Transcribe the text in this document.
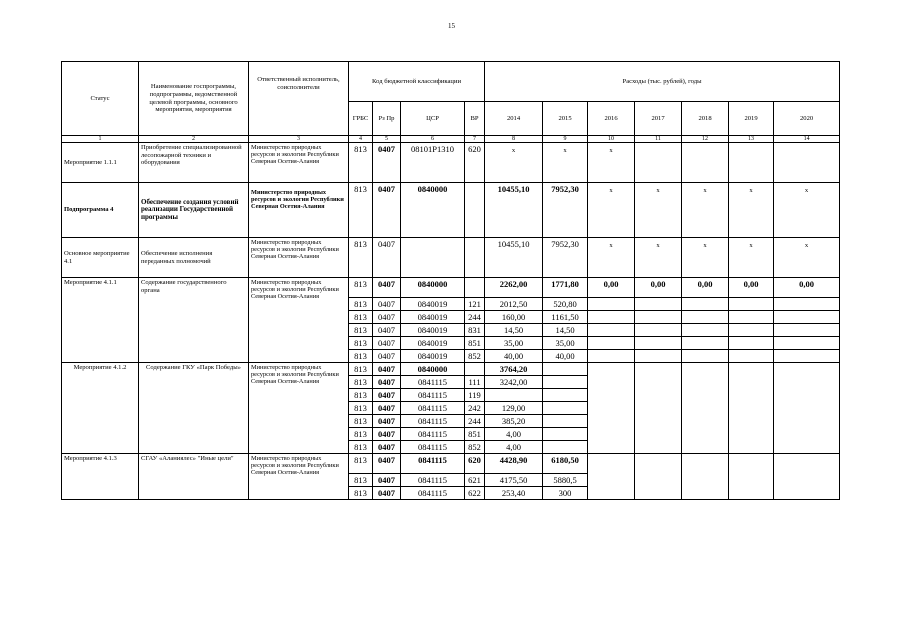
15
Статус	Наименование госпрограммы, подпрограммы, ведомственной целевой программы, основного мероприятия, мероприятия	Ответственный исполнитель, соисполнители	Код бюджетной классификации				Расходы (тыс. рублей), годы						
			ГРБС	Рз Пр	ЦСР	ВР	2014	2015	2016	2017	2018	2019	2020
1	2	3	4	5	6	7	8	9	10	11	12	13	14
Мероприятие 1.1.1	Приобретение специализированной лесопожарной техники и оборудования	Министерство природных ресурсов и экологии Республики Северная Осетия-Алания	813	0407	08101Р1310	620	х	х	х				
Подпрограмма 4	Обеспечение создания условий реализации Государственной программы	Министерство природных ресурсов и экологии Республики Северная Осетия-Алания	813	0407	0840000		10455,10	7952,30	х	х	х	х	х
Основное мероприятие 4.1	Обеспечение исполнения переданных полномочий	Министерство природных ресурсов и экологии Республики Северная Осетия-Алания	813	0407			10455,10	7952,30	х	х	х	х	х
Мероприятие 4.1.1	Содержание государственного органа	Министерство природных ресурсов и экологии Республики Северная Осетия-Алания	813	0407	0840000		2262,00	1771,80	0,00	0,00	0,00	0,00	0,00
			813	0407	0840019	121	2012,50	520,80					
			813	0407	0840019	244	160,00	1161,50					
			813	0407	0840019	831	14,50	14,50					
			813	0407	0840019	851	35,00	35,00					
			813	0407	0840019	852	40,00	40,00					
Мероприятие 4.1.2	Содержание ГКУ «Парк Победы»	Министерство природных ресурсов и экологии Республики Северная Осетия-Алания	813	0407	0840000		3764,20						
			813	0407	0841115	111	3242,00						
			813	0407	0841115	119							
			813	0407	0841115	242	129,00						
			813	0407	0841115	244	385,20						
			813	0407	0841115	851	4,00						
			813	0407	0841115	852	4,00						
Мероприятие 4.1.3	СГАУ «Аланиялес» "Иные цели"	Министерство природных ресурсов и экологии Республики Северная Осетия-Алания	813	0407	0841115	620	4428,90	6180,50					
			813	0407	0841115	621	4175,50	5880,5					
			813	0407	0841115	622	253,40	300					
